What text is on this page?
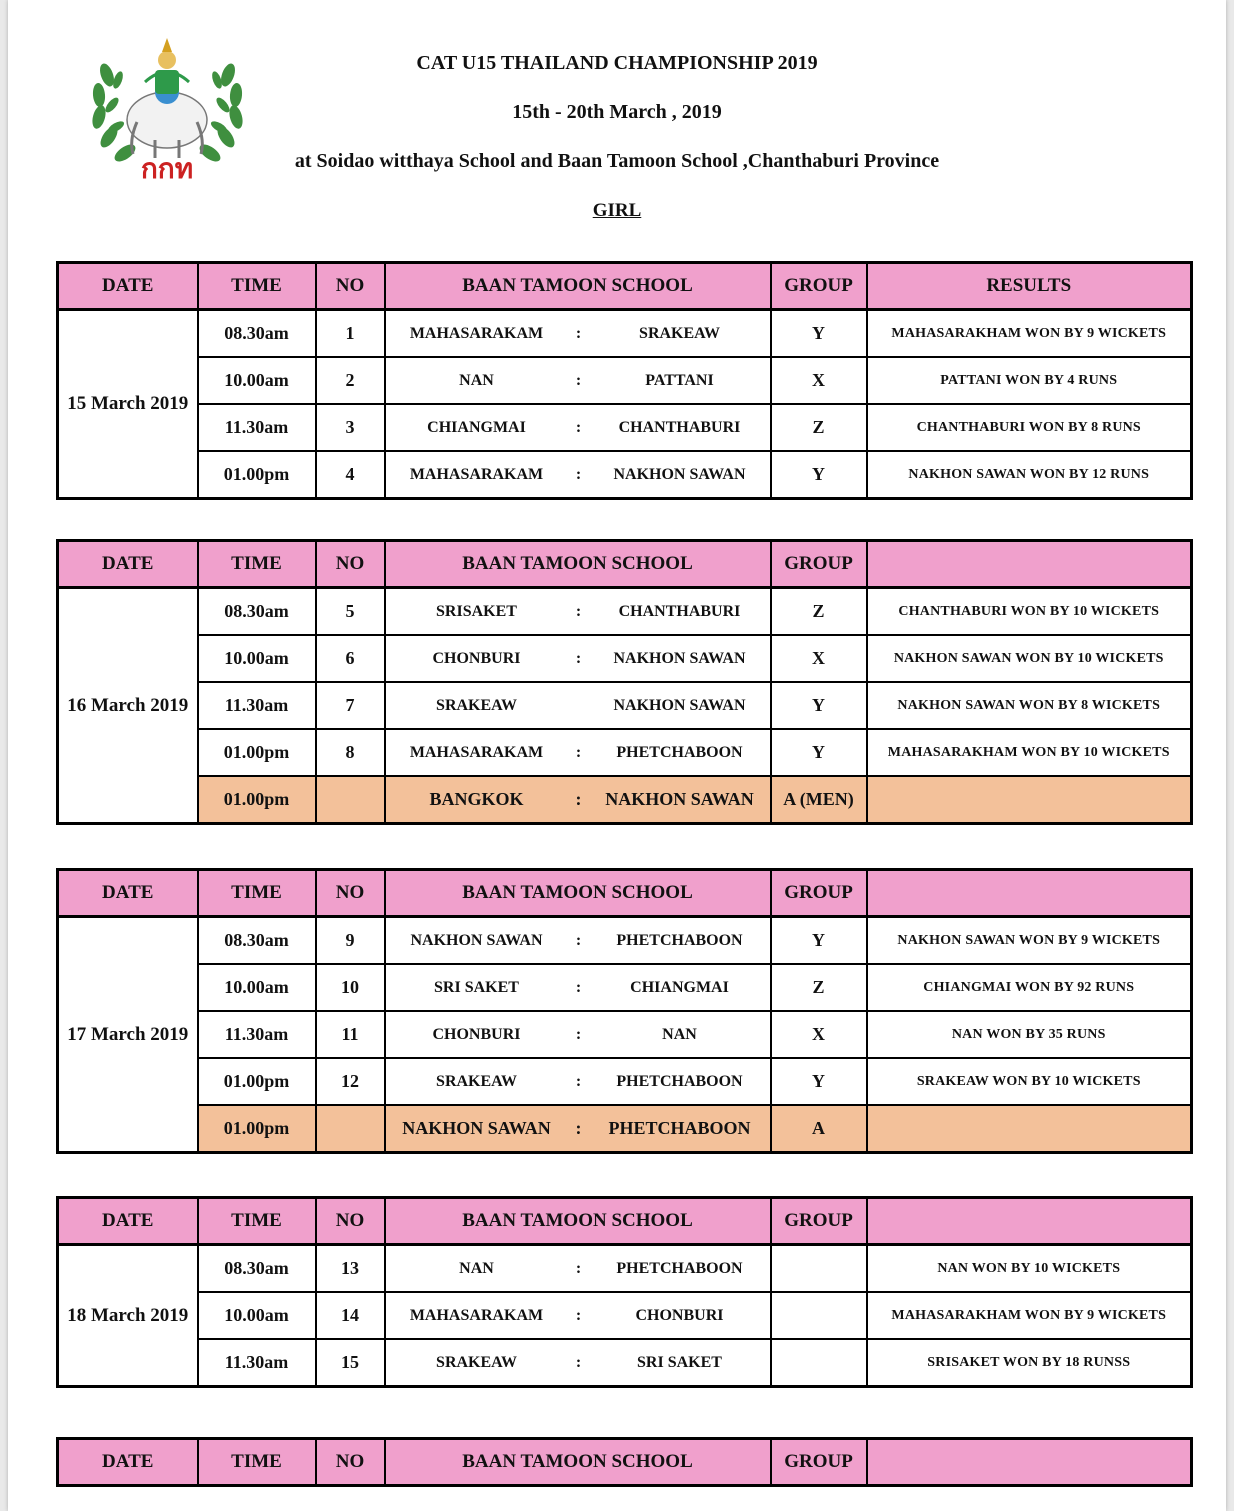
กกท
CAT U15 THAILAND CHAMPIONSHIP 2019
15th - 20th March , 2019
at Soidao witthaya School and Baan Tamoon School ,Chanthaburi Province
GIRL
DATE	TIME	NO	BAAN TAMOON SCHOOL	GROUP	RESULTS
15 March 2019	08.30am	1	MAHASARAKAM : SRAKEAW	Y	MAHASARAKHAM WON BY 9 WICKETS
	10.00am	2	NAN : PATTANI	X	PATTANI WON BY 4 RUNS
	11.30am	3	CHIANGMAI : CHANTHABURI	Z	CHANTHABURI WON BY 8 RUNS
	01.00pm	4	MAHASARAKAM : NAKHON SAWAN	Y	NAKHON SAWAN WON BY 12 RUNS
DATE	TIME	NO	BAAN TAMOON SCHOOL	GROUP	
16 March 2019	08.30am	5	SRISAKET : CHANTHABURI	Z	CHANTHABURI WON BY 10 WICKETS
	10.00am	6	CHONBURI : NAKHON SAWAN	X	NAKHON SAWAN WON BY 10 WICKETS
	11.30am	7	SRAKEAW NAKHON SAWAN	Y	NAKHON SAWAN WON BY 8 WICKETS
	01.00pm	8	MAHASARAKAM : PHETCHABOON	Y	MAHASARAKHAM WON BY 10 WICKETS
	01.00pm		BANGKOK : NAKHON SAWAN	A (MEN)	
DATE	TIME	NO	BAAN TAMOON SCHOOL	GROUP	
17 March 2019	08.30am	9	NAKHON SAWAN : PHETCHABOON	Y	NAKHON SAWAN WON BY 9 WICKETS
	10.00am	10	SRI SAKET : CHIANGMAI	Z	CHIANGMAI WON BY 92 RUNS
	11.30am	11	CHONBURI : NAN	X	NAN WON BY 35 RUNS
	01.00pm	12	SRAKEAW : PHETCHABOON	Y	SRAKEAW WON BY 10 WICKETS
	01.00pm		NAKHON SAWAN : PHETCHABOON	A	
DATE	TIME	NO	BAAN TAMOON SCHOOL	GROUP	
18 March 2019	08.30am	13	NAN : PHETCHABOON		NAN WON BY 10 WICKETS
	10.00am	14	MAHASARAKAM : CHONBURI		MAHASARAKHAM WON BY 9 WICKETS
	11.30am	15	SRAKEAW : SRI SAKET		SRISAKET WON BY 18 RUNSS
DATE	TIME	NO	BAAN TAMOON SCHOOL	GROUP	
